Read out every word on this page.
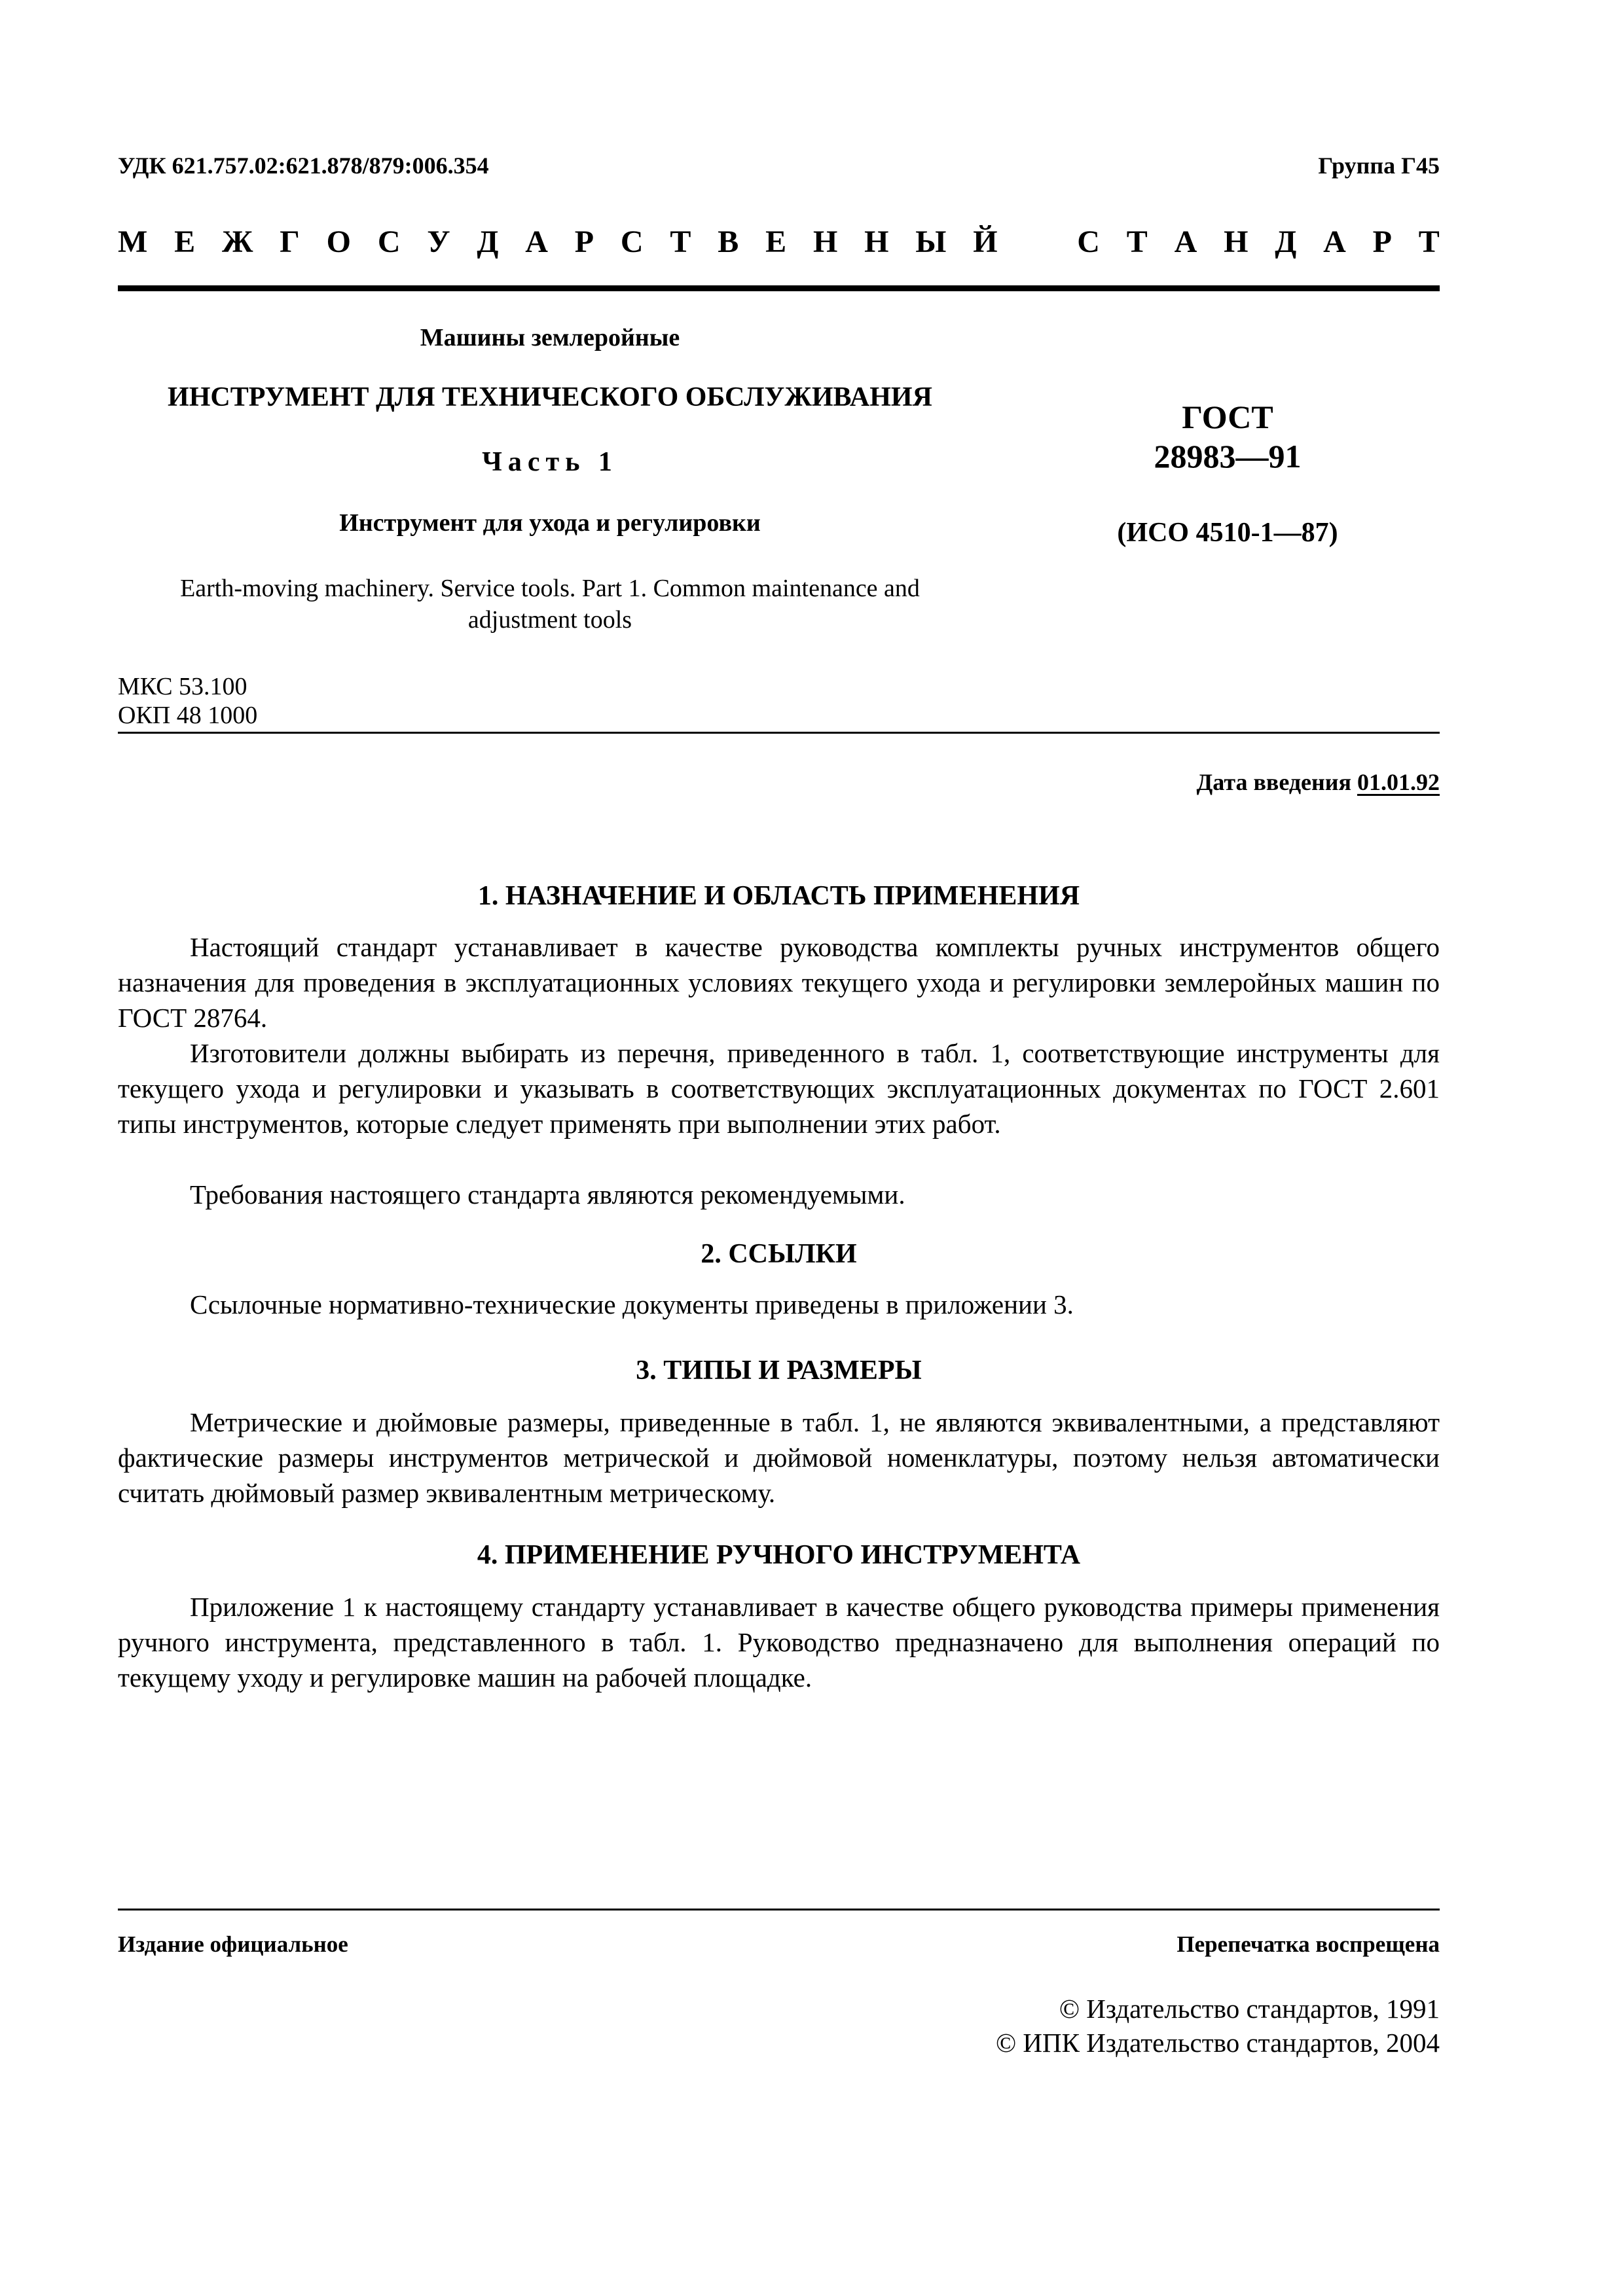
УДК 621.757.02:621.878/879:006.354	Группа Г45
М Е Ж Г О С У Д А Р С Т В Е Н Н Ы Й	С Т А Н Д А Р Т
Машины землеройные
ИНСТРУМЕНТ ДЛЯ ТЕХНИЧЕСКОГО ОБСЛУЖИВАНИЯ
Часть 1
Инструмент для ухода и регулировки
Earth-moving machinery. Service tools. Part 1. Common maintenance and adjustment tools
ГОСТ
28983—91
(ИСО 4510-1—87)
МКС 53.100
ОКП 48 1000
Дата введения 01.01.92
1. НАЗНАЧЕНИЕ И ОБЛАСТЬ ПРИМЕНЕНИЯ

Настоящий стандарт устанавливает в качестве руководства комплекты ручных инструментов общего назначения для проведения в эксплуатационных условиях текущего ухода и регулировки землеройных машин по ГОСТ 28764.

Изготовители должны выбирать из перечня, приведенного в табл. 1, соответствующие инструменты для текущего ухода и регулировки и указывать в соответствующих эксплуатационных документах по ГОСТ 2.601 типы инструментов, которые следует применять при выполнении этих работ.

Требования настоящего стандарта являются рекомендуемыми.

2. ССЫЛКИ

Ссылочные нормативно-технические документы приведены в приложении 3.

3. ТИПЫ И РАЗМЕРЫ

Метрические и дюймовые размеры, приведенные в табл. 1, не являются эквивалентными, а представляют фактические размеры инструментов метрической и дюймовой номенклатуры, поэтому нельзя автоматически считать дюймовый размер эквивалентным метрическому.

4. ПРИМЕНЕНИЕ РУЧНОГО ИНСТРУМЕНТА

Приложение 1 к настоящему стандарту устанавливает в качестве общего руководства примеры применения ручного инструмента, представленного в табл. 1. Руководство предназначено для выполнения операций по текущему уходу и регулировке машин на рабочей площадке.

Издание официальное	Перепечатка воспрещена
© Издательство стандартов, 1991
© ИПК Издательство стандартов, 2004
